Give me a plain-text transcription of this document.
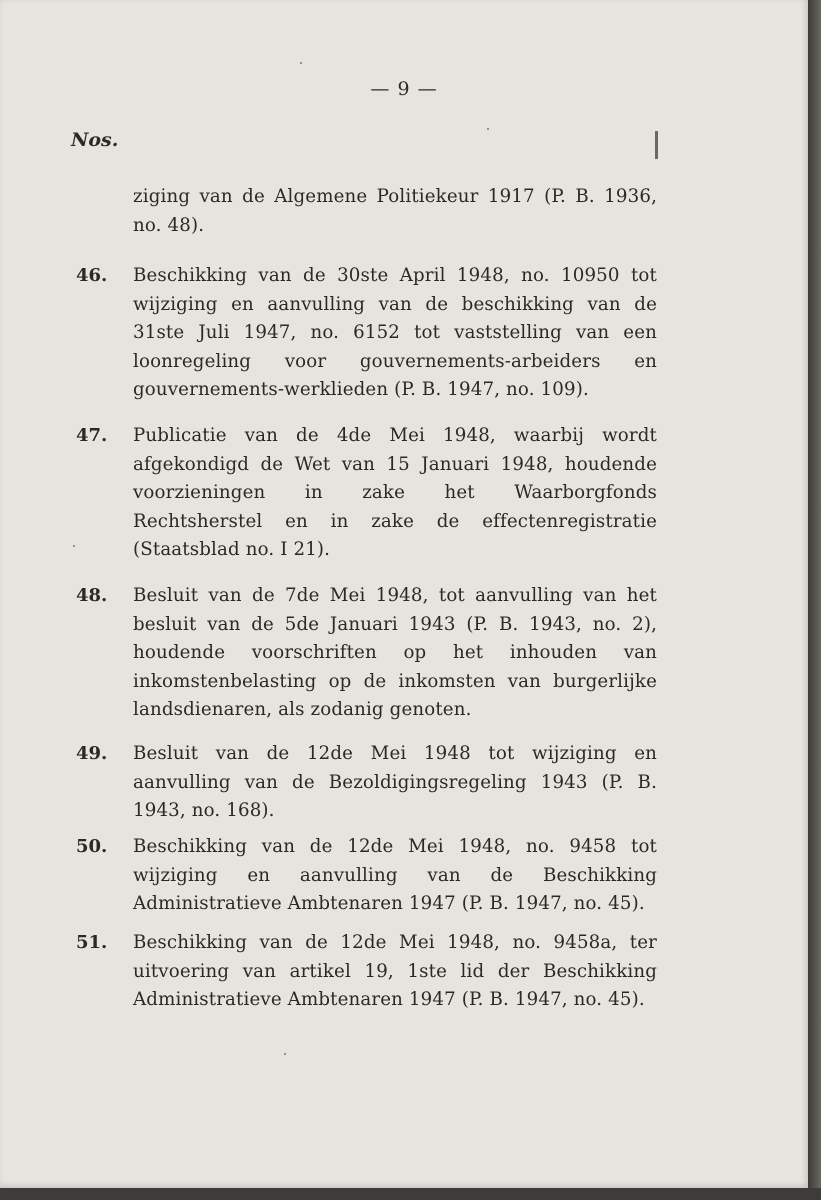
— 9 —
Nos.
ziging van de Algemene Politiekeur 1917 (P. B. 1936, no. 48).
46. Beschikking van de 30ste April 1948, no. 10950 tot wijziging en aanvulling van de beschikking van de 31ste Juli 1947, no. 6152 tot vaststelling van een loonregeling voor gouvernements-arbeiders en gouvernements-werklieden (P. B. 1947, no. 109).
47. Publicatie van de 4de Mei 1948, waarbij wordt afgekondigd de Wet van 15 Januari 1948, houdende voorzieningen in zake het Waarborgfonds Rechtsherstel en in zake de effectenregistratie (Staatsblad no. I 21).
48. Besluit van de 7de Mei 1948, tot aanvulling van het besluit van de 5de Januari 1943 (P. B. 1943, no. 2), houdende voorschriften op het inhouden van inkomstenbelasting op de inkomsten van burgerlijke landsdienaren, als zodanig genoten.
49. Besluit van de 12de Mei 1948 tot wijziging en aanvulling van de Bezoldigingsregeling 1943 (P. B. 1943, no. 168).
50. Beschikking van de 12de Mei 1948, no. 9458 tot wijziging en aanvulling van de Beschikking Administratieve Ambtenaren 1947 (P. B. 1947, no. 45).
51. Beschikking van de 12de Mei 1948, no. 9458a, ter uitvoering van artikel 19, 1ste lid der Beschikking Administratieve Ambtenaren 1947 (P. B. 1947, no. 45).
